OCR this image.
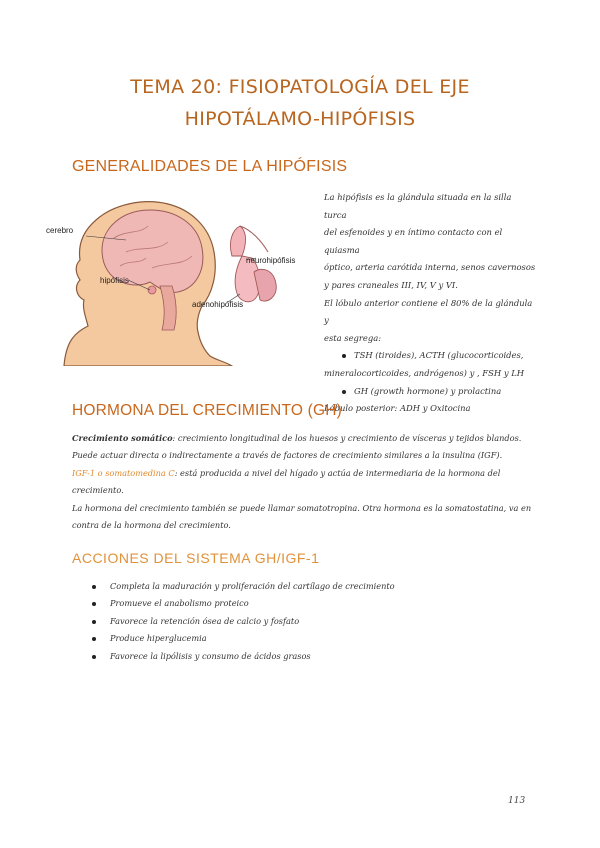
TEMA 20: FISIOPATOLOGÍA DEL EJE
HIPOTÁLAMO-HIPÓFISIS
GENERALIDADES DE LA HIPÓFISIS
cerebro
hipófisis
neurohipófisis
adenohipófisis

La hipófisis es la glándula situada en la silla turca

del esfenoides y en íntimo contacto con el quiasma

óptico, arteria carótida interna, senos cavernosos

y pares craneales III, IV, V y VI.

El lóbulo anterior contiene el 80% de la glándula y

esta segrega:

TSH (tiroides), ACTH (glucocorticoides,

mineralocorticoides, andrógenos) y , FSH y LH

GH (growth hormone) y prolactina

Lóbulo posterior: ADH y Oxitocina

HORMONA DEL CRECIMIENTO (GH)

Crecimiento somático: crecimiento longitudinal de los huesos y crecimiento de vísceras y tejidos blandos.

Puede actuar directa o indirectamente a través de factores de crecimiento similares a la insulina (IGF).

IGF-1 o somatomedina C: está producida a nivel del hígado y actúa de intermediaria de la hormona del

crecimiento.

La hormona del crecimiento también se puede llamar somatotropina. Otra hormona es la somatostatina, va en

contra de la hormona del crecimiento.

ACCIONES DEL SISTEMA GH/IGF-1
Completa la maduración y proliferación del cartílago de crecimiento
Promueve el anabolismo proteico
Favorece la retención ósea de calcio y fosfato
Produce hiperglucemia
Favorece la lipólisis y consumo de ácidos grasos
113
